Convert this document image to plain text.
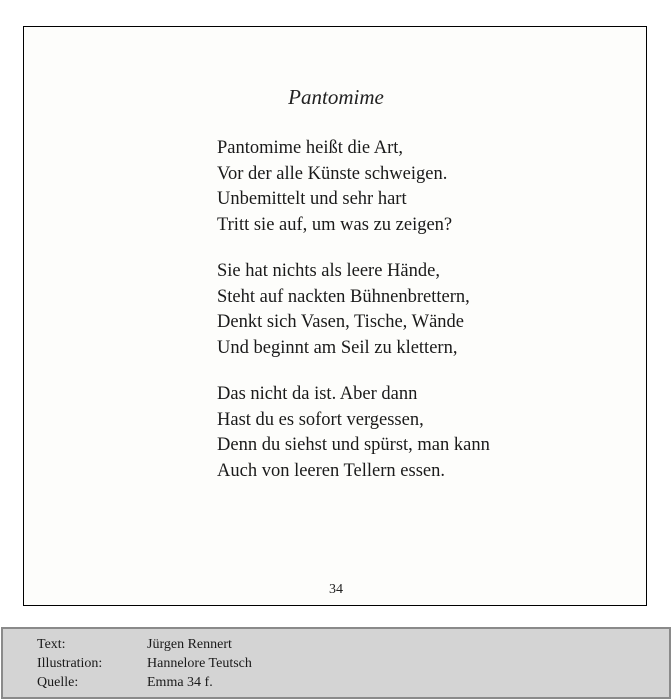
Pantomime
Pantomime heißt die Art,
Vor der alle Künste schweigen.
Unbemittelt und sehr hart
Tritt sie auf, um was zu zeigen?
Sie hat nichts als leere Hände,
Steht auf nackten Bühnenbrettern,
Denkt sich Vasen, Tische, Wände
Und beginnt am Seil zu klettern,
Das nicht da ist. Aber dann
Hast du es sofort vergessen,
Denn du siehst und spürst, man kann
Auch von leeren Tellern essen.
34
Text:	Jürgen Rennert
Illustration:	Hannelore Teutsch
Quelle:	Emma 34 f.
